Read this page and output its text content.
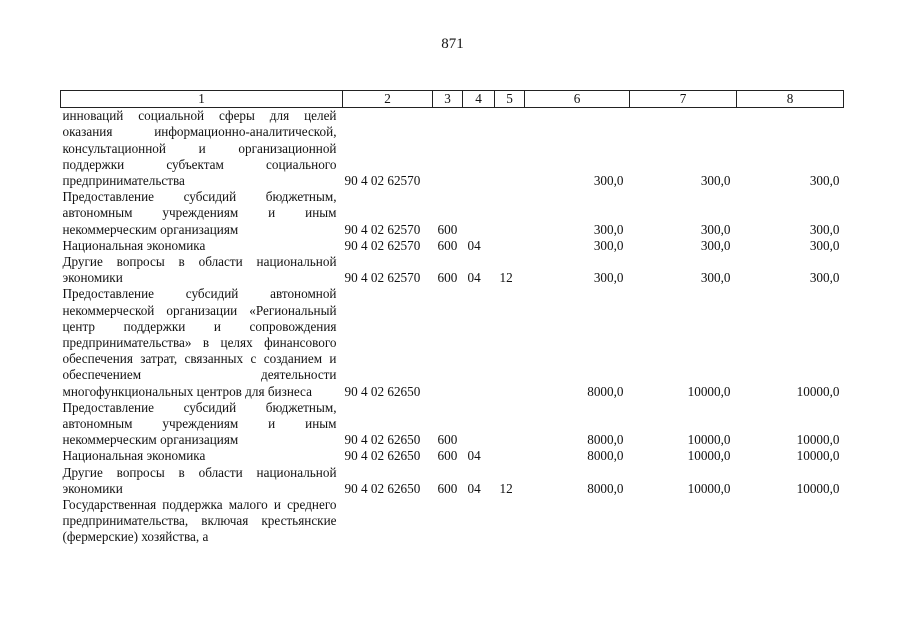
871
1	2	3	4	5	6	7	8
инноваций социальной сферы для целей оказания информационно-аналитической, консультационной и организационной поддержки субъектам социального предпринимательства	90 4 02 62570				300,0	300,0	300,0
Предоставление субсидий бюджетным, автономным учреждениям и иным некоммерческим организациям	90 4 02 62570	600			300,0	300,0	300,0
Национальная экономика	90 4 02 62570	600	04		300,0	300,0	300,0
Другие вопросы в области национальной экономики	90 4 02 62570	600	04	12	300,0	300,0	300,0
Предоставление субсидий автономной некоммерческой организации «Региональный центр поддержки и сопровождения предпринимательства» в целях финансового обеспечения затрат, связанных с созданием и обеспечением деятельности многофункциональных центров для бизнеса	90 4 02 62650				8000,0	10000,0	10000,0
Предоставление субсидий бюджетным, автономным учреждениям и иным некоммерческим организациям	90 4 02 62650	600			8000,0	10000,0	10000,0
Национальная экономика	90 4 02 62650	600	04		8000,0	10000,0	10000,0
Другие вопросы в области национальной экономики	90 4 02 62650	600	04	12	8000,0	10000,0	10000,0
Государственная поддержка малого и среднего предпринимательства, включая крестьянские (фермерские) хозяйства, а							
